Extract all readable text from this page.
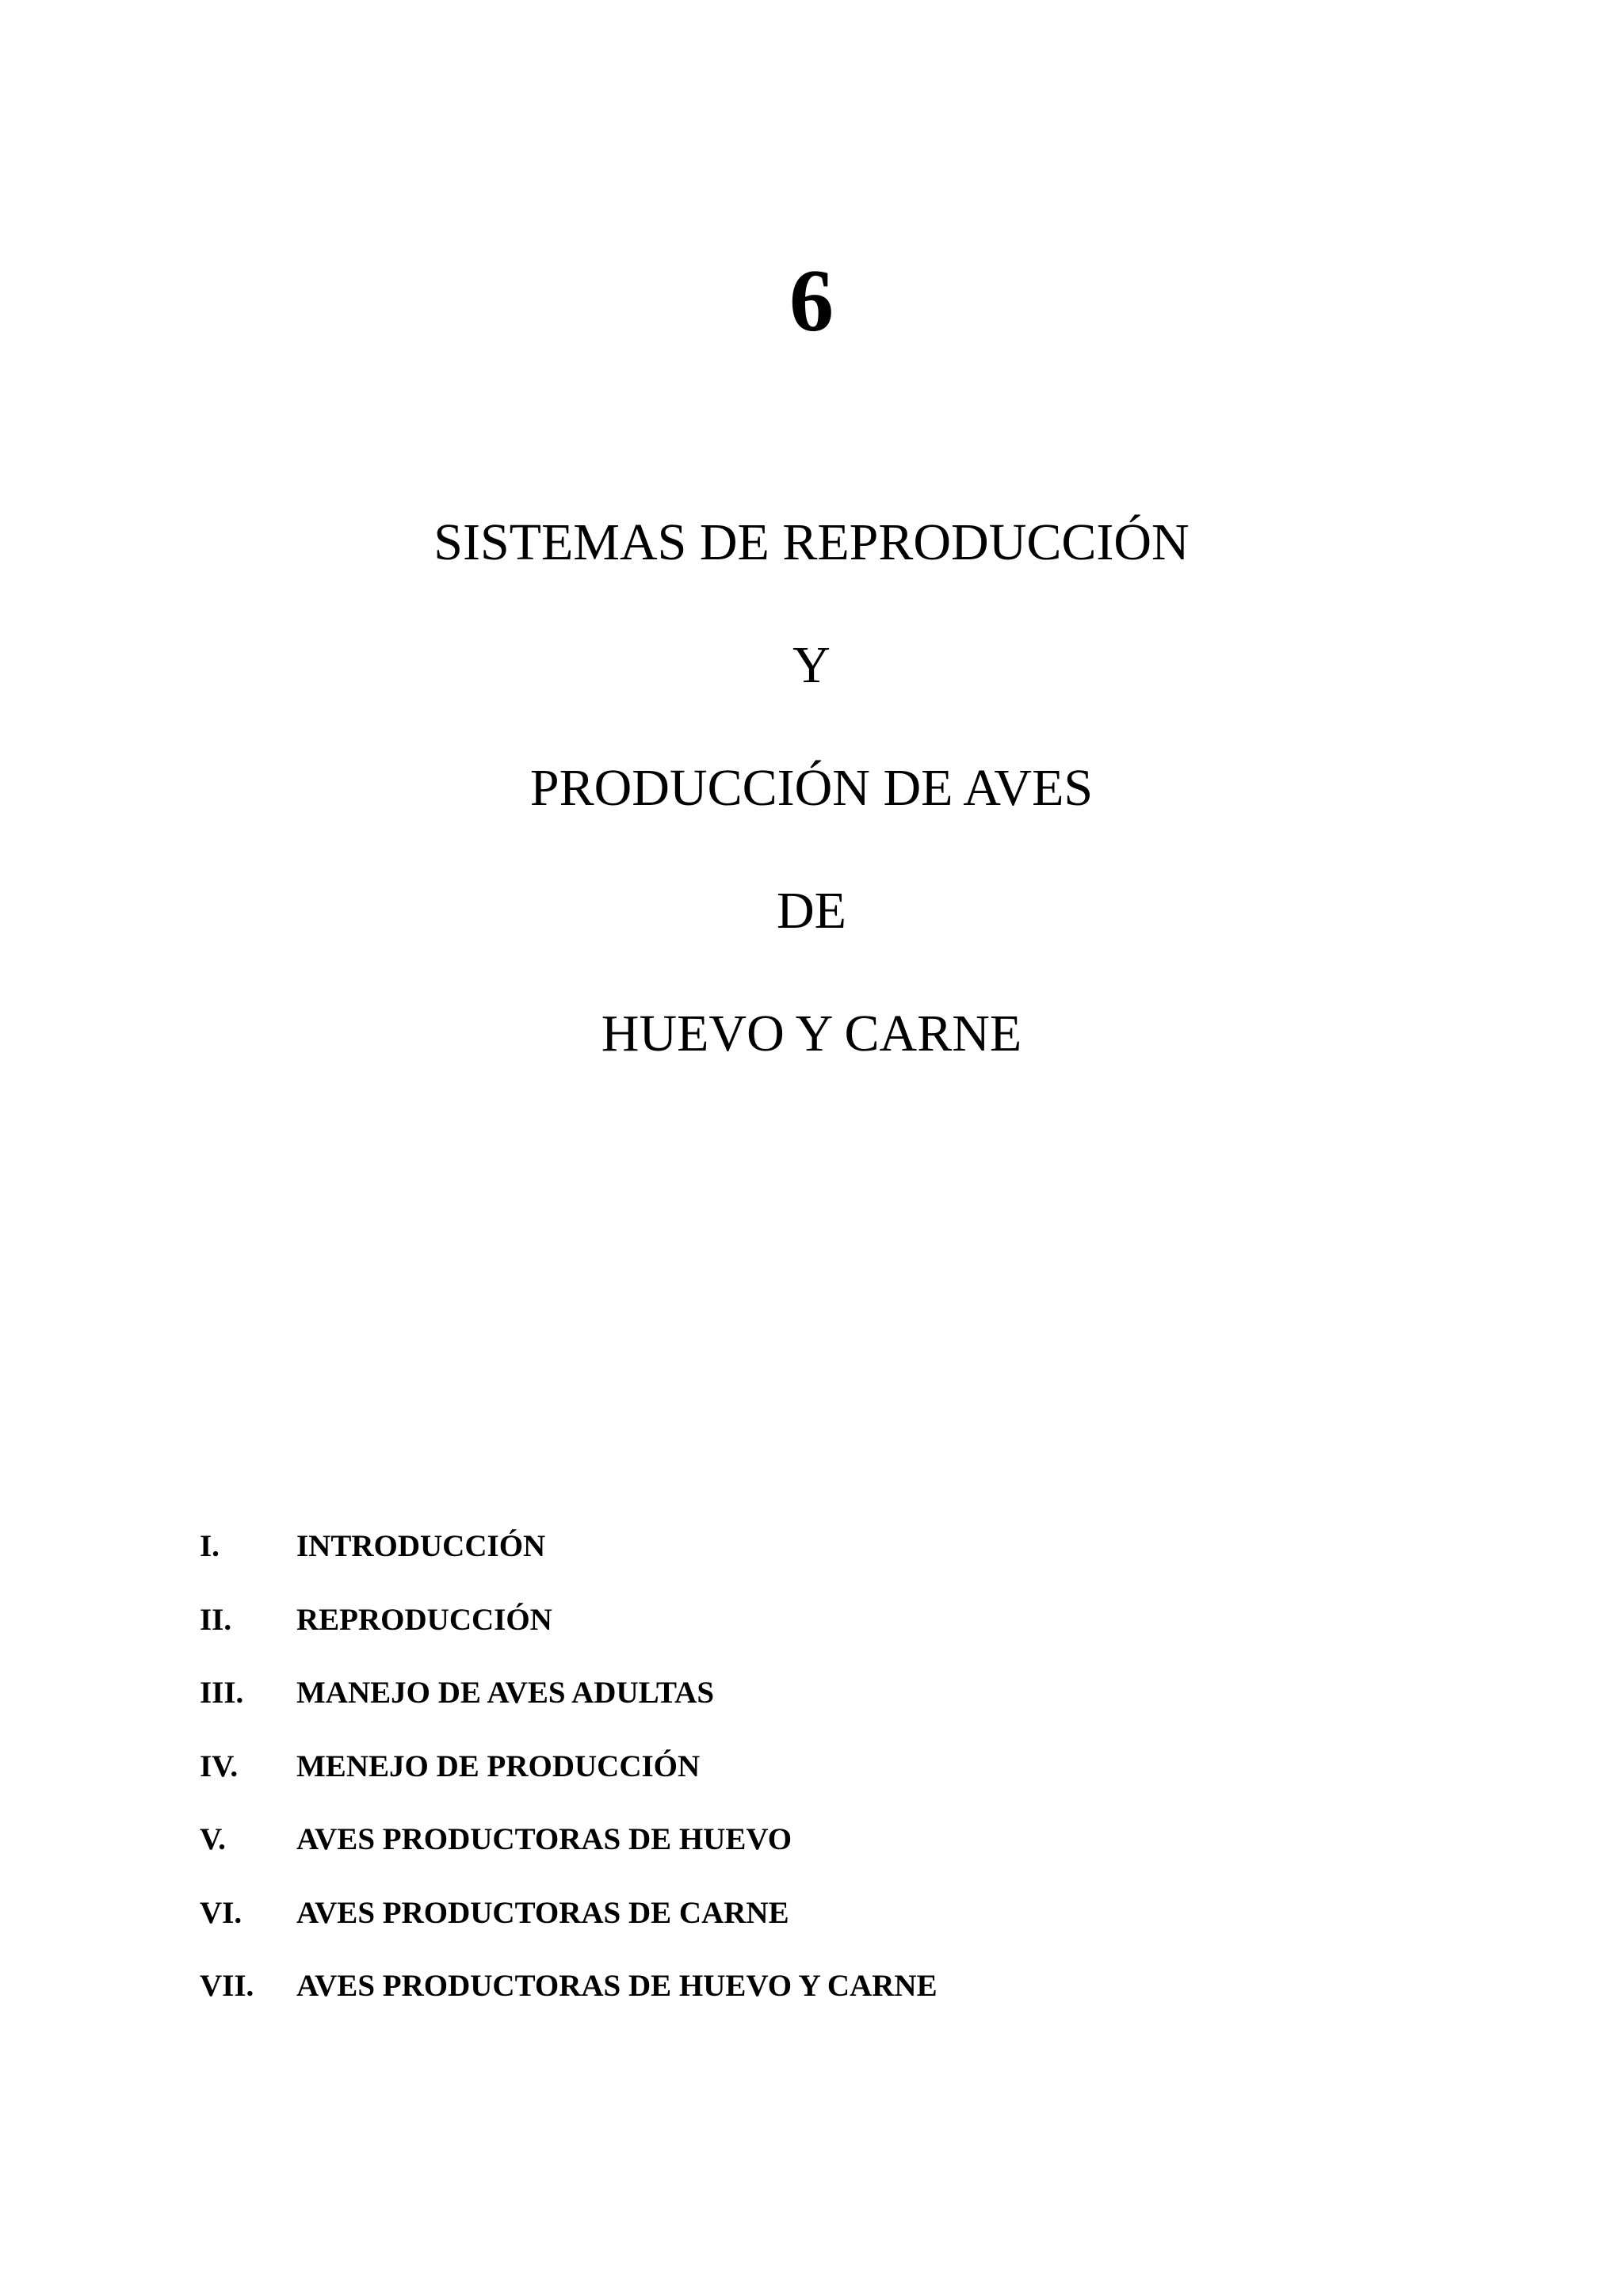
6
SISTEMAS DE REPRODUCCIÓN
Y
PRODUCCIÓN DE AVES
DE
HUEVO Y CARNE
I.	INTRODUCCIÓN
II.	REPRODUCCIÓN
III.	MANEJO DE AVES ADULTAS
IV.	MENEJO DE PRODUCCIÓN
V.	AVES PRODUCTORAS DE HUEVO
VI.	AVES PRODUCTORAS DE CARNE
VII.	AVES PRODUCTORAS DE HUEVO Y CARNE
